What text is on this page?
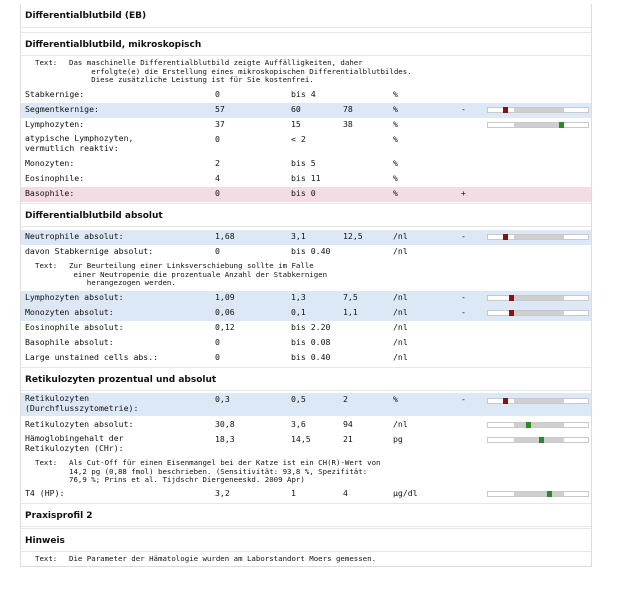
Differentialblutbild (EB)
Differentialblutbild, mikroskopisch
Text: Das maschinelle Differentialblutbild zeigte Auffälligkeiten, daher
erfolgte(e) die Erstellung eines mikroskopischen Differentialblutbildes.
Diese zusätzliche Leistung ist für Sie kostenfrei.
Stabkernige:	0	bis 4	%
Segmentkernige:	57	60	78	%	-
Lymphozyten:	37	15	38	%
atypische Lymphozyten,
vermutlich reaktiv:
0	< 2	%
Monozyten:	2	bis 5	%
Eosinophile:	4	bis 11	%
Basophile:	0	bis 0	%	+
Differentialblutbild absolut
Neutrophile absolut:	1,68	3,1	12,5	/nl	-
davon Stabkernige absolut:	0	bis 0.40	/nl
Text: Zur Beurteilung einer Linksverschiebung sollte im Falle
einer Neutropenie die prozentuale Anzahl der Stabkernigen
herangezogen werden.
Lymphozyten absolut:	1,09	1,3	7,5	/nl	-
Monozyten absolut:	0,06	0,1	1,1	/nl	-
Eosinophile absolut:	0,12	bis 2.20	/nl
Basophile absolut:	0	bis 0.08	/nl
Large unstained cells abs.:	0	bis 0.40	/nl
Retikulozyten prozentual und absolut
Retikulozyten
(Durchflusszytometrie):
0,3	0,5	2	%	-
Retikulozyten absolut:	30,8	3,6	94	/nl
Hämoglobingehalt der
Retikulozyten (CHr):
18,3	14,5	21	pg
Text: Als Cut-Off für einen Eisenmangel bei der Katze ist ein CH(R)-Wert von
14,2 pg (0,88 fmol) beschrieben. (Sensitivität: 93,8 %, Spezifität:
76,9 %; Prins et al. Tijdschr Diergeneeskd. 2009 Apr)
T4 (HP):	3,2	1	4	µg/dl
Praxisprofil 2
Hinweis
Text: Die Parameter der Hämatologie wurden am Laborstandort Moers gemessen.
